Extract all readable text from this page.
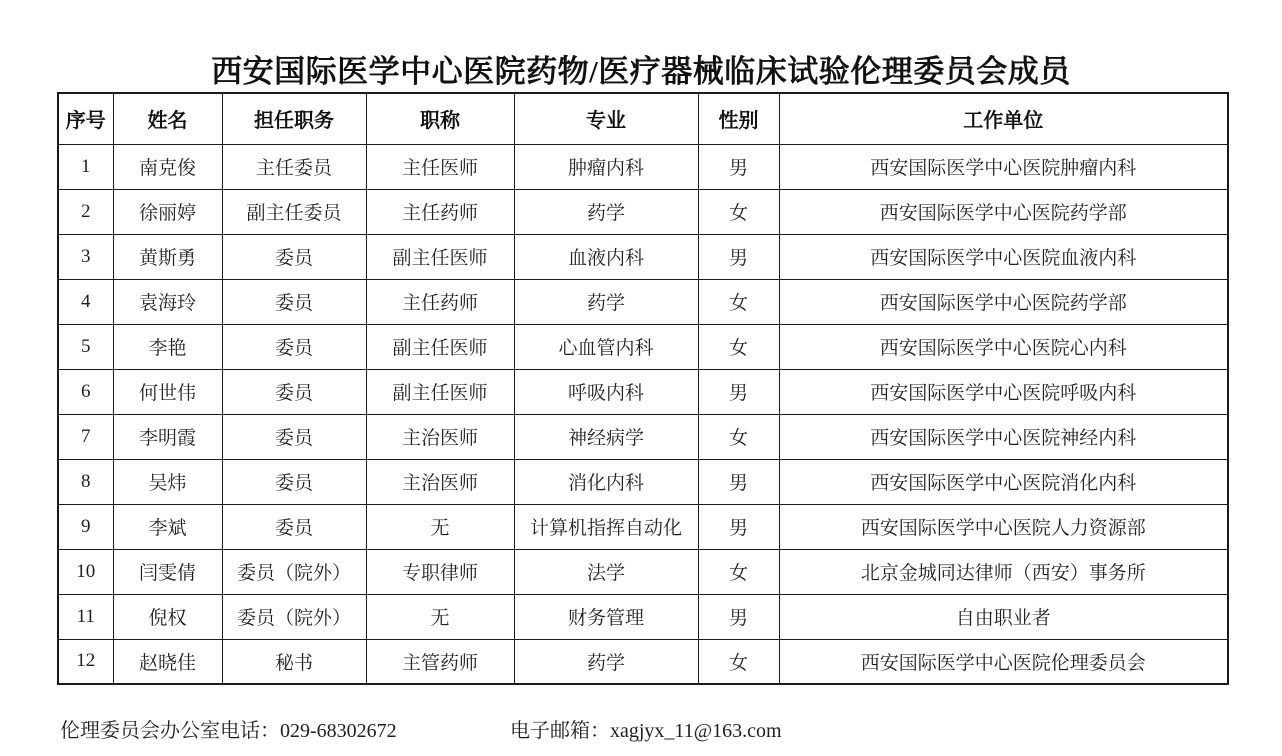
西安国际医学中心医院药物/医疗器械临床试验伦理委员会成员
序号	姓名	担任职务	职称	专业	性别	工作单位
1	南克俊	主任委员	主任医师	肿瘤内科	男	西安国际医学中心医院肿瘤内科
2	徐丽婷	副主任委员	主任药师	药学	女	西安国际医学中心医院药学部
3	黄斯勇	委员	副主任医师	血液内科	男	西安国际医学中心医院血液内科
4	袁海玲	委员	主任药师	药学	女	西安国际医学中心医院药学部
5	李艳	委员	副主任医师	心血管内科	女	西安国际医学中心医院心内科
6	何世伟	委员	副主任医师	呼吸内科	男	西安国际医学中心医院呼吸内科
7	李明霞	委员	主治医师	神经病学	女	西安国际医学中心医院神经内科
8	吴炜	委员	主治医师	消化内科	男	西安国际医学中心医院消化内科
9	李斌	委员	无	计算机指挥自动化	男	西安国际医学中心医院人力资源部
10	闫雯倩	委员（院外）	专职律师	法学	女	北京金城同达律师（西安）事务所
11	倪权	委员（院外）	无	财务管理	男	自由职业者
12	赵晓佳	秘书	主管药师	药学	女	西安国际医学中心医院伦理委员会
伦理委员会办公室电话：029-68302672	电子邮箱：xagjyx_11@163.com
